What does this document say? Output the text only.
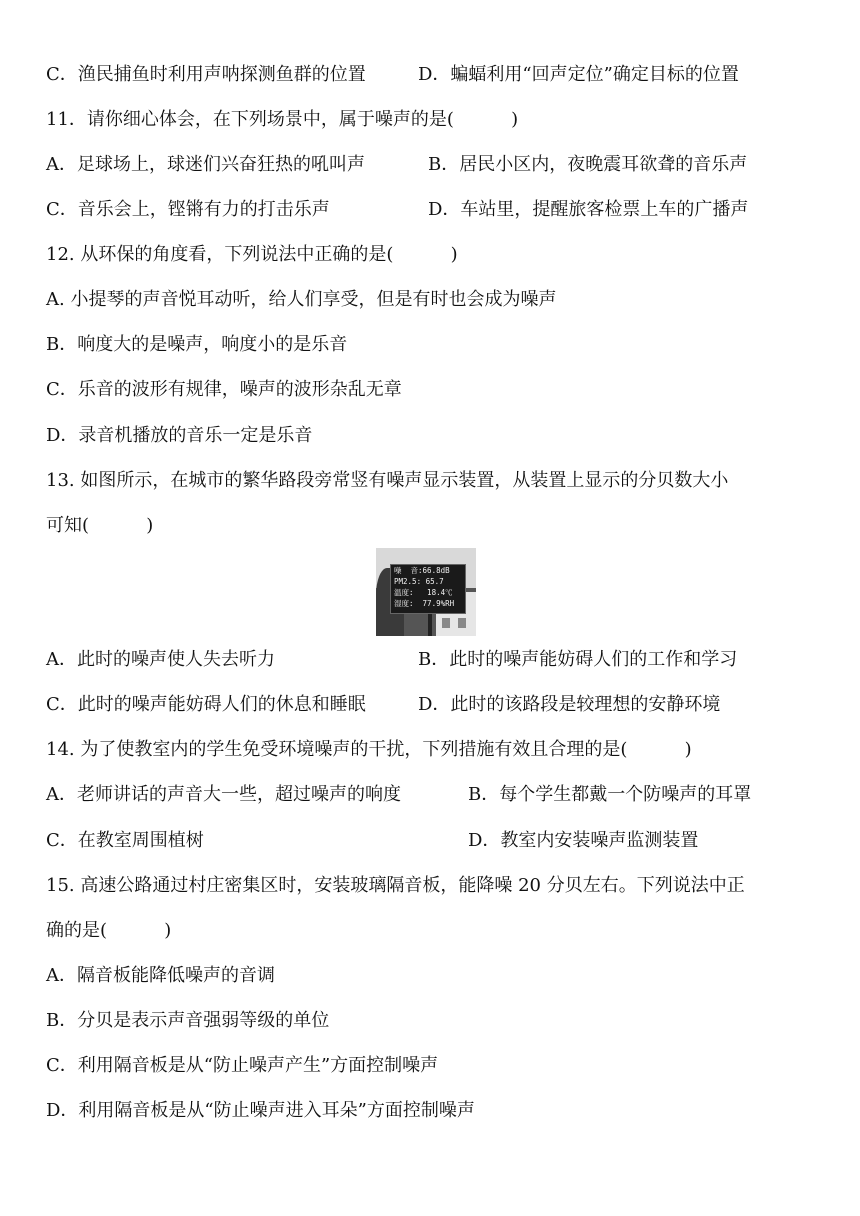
C．渔民捕鱼时利用声呐探测鱼群的位置	D．蝙蝠利用“回声定位”确定目标的位置
11．请你细心体会，在下列场景中，属于噪声的是(          )
A．足球场上，球迷们兴奋狂热的吼叫声	B．居民小区内，夜晚震耳欲聋的音乐声
C．音乐会上，铿锵有力的打击乐声	D．车站里，提醒旅客检票上车的广播声
12. 从环保的角度看，下列说法中正确的是(          )
A. 小提琴的声音悦耳动听，给人们享受，但是有时也会成为噪声
B．响度大的是噪声，响度小的是乐音
C．乐音的波形有规律，噪声的波形杂乱无章
D．录音机播放的音乐一定是乐音
13. 如图所示，在城市的繁华路段旁常竖有噪声显示装置，从装置上显示的分贝数大小
可知(          )
噪  音:66.8dB
PM2.5: 65.7
温度:   18.4℃
湿度:  77.9%RH
A．此时的噪声使人失去听力	B．此时的噪声能妨碍人们的工作和学习
C．此时的噪声能妨碍人们的休息和睡眠	D．此时的该路段是较理想的安静环境
14. 为了使教室内的学生免受环境噪声的干扰，下列措施有效且合理的是(          )
A．老师讲话的声音大一些，超过噪声的响度	B．每个学生都戴一个防噪声的耳罩
C．在教室周围植树	D．教室内安装噪声监测装置
15. 高速公路通过村庄密集区时，安装玻璃隔音板，能降噪 20 分贝左右。下列说法中正
确的是(          )
A．隔音板能降低噪声的音调
B．分贝是表示声音强弱等级的单位
C．利用隔音板是从“防止噪声产生”方面控制噪声
D．利用隔音板是从“防止噪声进入耳朵”方面控制噪声
